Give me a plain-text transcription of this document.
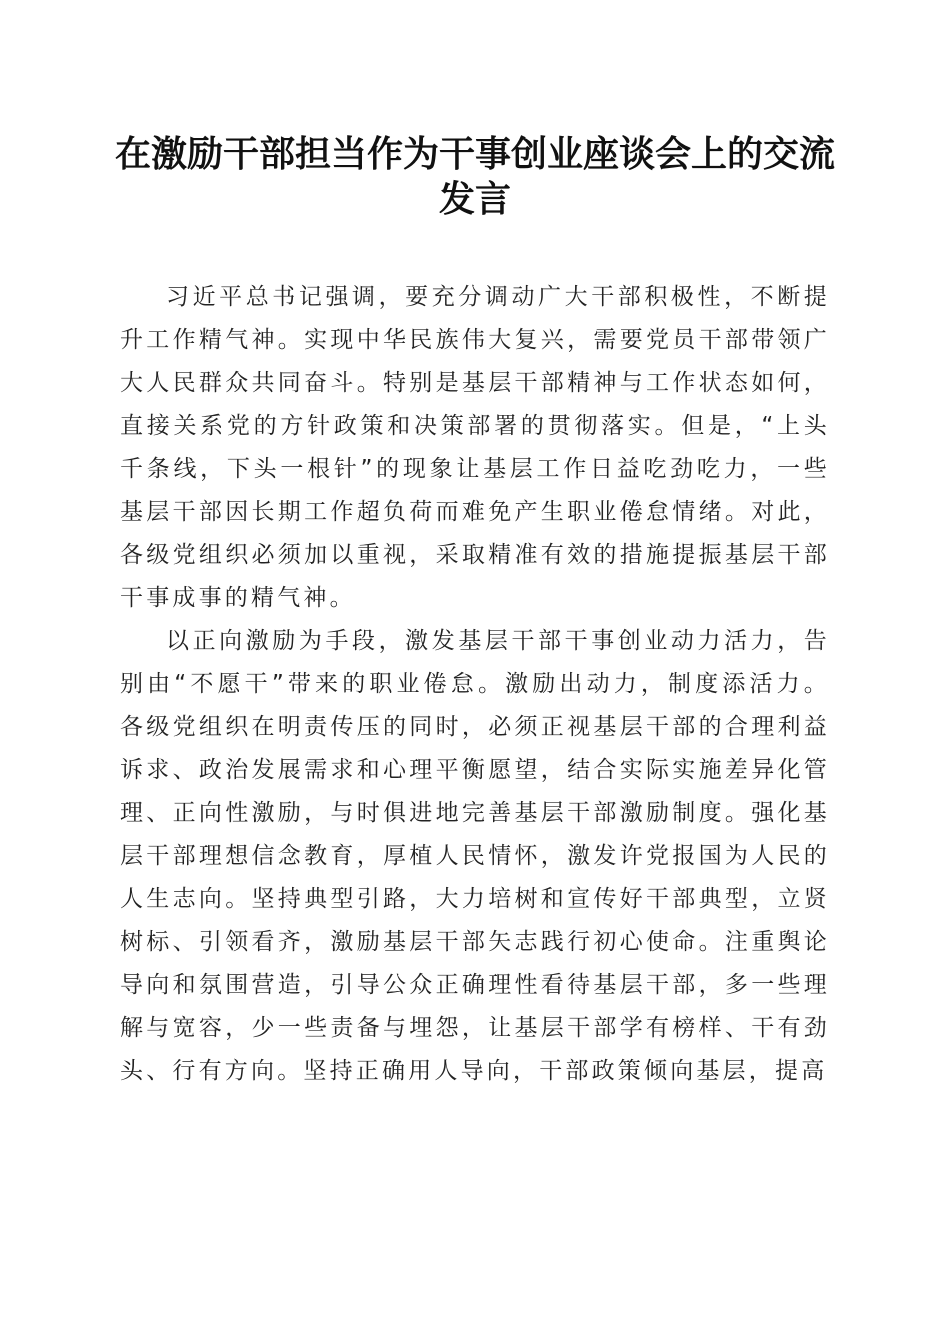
在激励干部担当作为干事创业座谈会上的交流发言

习近平总书记强调，要充分调动广大干部积极性，不断提升工作精气神。实现中华民族伟大复兴，需要党员干部带领广大人民群众共同奋斗。特别是基层干部精神与工作状态如何，直接关系党的方针政策和决策部署的贯彻落实。但是，“上头千条线，下头一根针”的现象让基层工作日益吃劲吃力，一些基层干部因长期工作超负荷而难免产生职业倦怠情绪。对此，各级党组织必须加以重视，采取精准有效的措施提振基层干部干事成事的精气神。

以正向激励为手段，激发基层干部干事创业动力活力，告别由“不愿干”带来的职业倦怠。激励出动力，制度添活力。各级党组织在明责传压的同时，必须正视基层干部的合理利益诉求、政治发展需求和心理平衡愿望，结合实际实施差异化管理、正向性激励，与时俱进地完善基层干部激励制度。强化基层干部理想信念教育，厚植人民情怀，激发许党报国为人民的人生志向。坚持典型引路，大力培树和宣传好干部典型，立贤树标、引领看齐，激励基层干部矢志践行初心使命。注重舆论导向和氛围营造，引导公众正确理性看待基层干部，多一些理解与宽容，少一些责备与埋怨，让基层干部学有榜样、干有劲头、行有方向。坚持正确用人导向，干部政策倾向基层，提高
